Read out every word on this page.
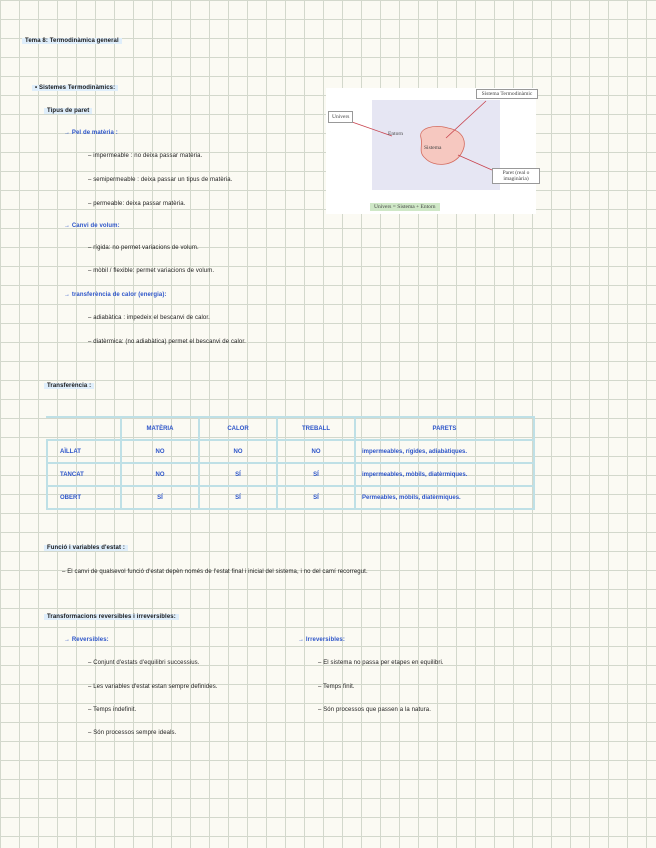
Tema 8: Termodinàmica general
• Sistemes Termodinàmics:
Tipus de paret
→ Pel de matèria :
– impermeable : no deixa passar matèria.
– semipermeable : deixa passar un tipus de matèria.
– permeable: deixa passar matèria.
→ Canvi de volum:
– rígida: no permet variacions de volum.
– mòbil / flexible: permet variacions de volum.
→ transferència de calor (energia):
– adiabàtica : impedeix el bescanvi de calor.
– diatèrmica: (no adiabàtica) permet el bescanvi de calor.
Univers
Entorn
Sistema
Sistema Termodinàmic
Paret (real o imaginària)
Univers = Sistema + Entorn
Transferència :
	MATÈRIA	CALOR	TREBALL	PARETS
AÏLLAT	NO	NO	NO	impermeables, rígides, adiabàtiques.
TANCAT	NO	SÍ	SÍ	impermeables, mòbils, diatèrmiques.
OBERT	SÍ	SÍ	SÍ	Permeables, mòbils, diatèrmiques.
Funció i variables d'estat :
– El canvi de qualsevol funció d'estat depèn només de l'estat final i inicial del sistema, i no del camí recorregut.
Transformacions reversibles i irreversibles:
→ Reversibles:
– Conjunt d'estats d'equilibri successius.
– Les variables d'estat estan sempre definides.
– Temps indefinit.
– Són processos sempre ideals.
→ Irreversibles:
– El sistema no passa per etapes en equilibri.
– Temps finit.
– Són processos que passen a la natura.
